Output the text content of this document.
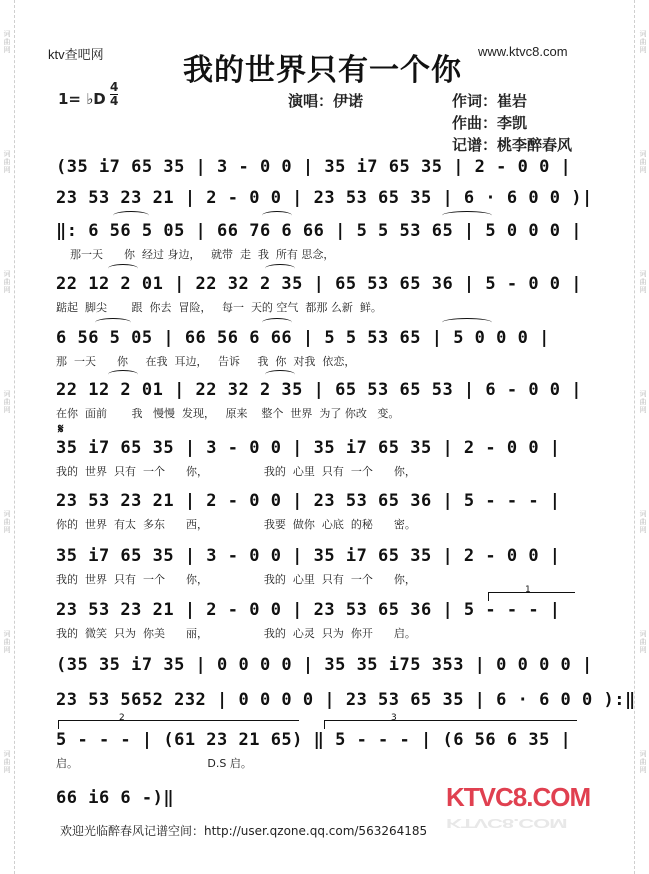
词曲网
词曲网
词曲网
词曲网
词曲网
词曲网
词曲网
词曲网
词曲网
词曲网
词曲网
词曲网
词曲网
词曲网
ktv查吧网	www.ktvc8.com
我的世界只有一个你
1= ♭D
4
4	演唱：伊诺	作词：崔岩
作曲：李凯
记谱：桃李醉春风
(35 i7 65 35 | 3 - 0 0 | 35 i7 65 35 | 2 - 0 0 |
23 53 23 21 | 2 - 0 0 | 23 53 65 35 | 6 · 6 0 0 )|
‖: 6 56 5 05 | 66 76 6 66 | 5 5 53 65 | 5 0 0 0 |
那一天      你  经过 身边，   就带  走  我  所有 思念，
22 12 2 01 | 22 32 2 35 | 65 53 65 36 | 5 - 0 0 |
踮起  脚尖       跟  你去  冒险，   每一  天的 空气  都那 么新  鲜。
6 56 5 05 | 66 56 6 66 | 5 5 53 65 | 5 0 0 0 |
那  一天      你     在我  耳边，   告诉     我  你  对我  依恋，
22 12 2 01 | 22 32 2 35 | 65 53 65 53 | 6 - 0 0 |
在你  面前       我   慢慢  发现，   原来    整个  世界  为了 你改   变。
𝄋
35 i7 65 35 | 3 - 0 0 | 35 i7 65 35 | 2 - 0 0 |
我的  世界  只有  一个      你，                我的  心里  只有  一个      你，
23 53 23 21 | 2 - 0 0 | 23 53 65 36 | 5 - - - |
你的  世界  有太  多东      西，                我要  做你  心底  的秘      密。
35 i7 65 35 | 3 - 0 0 | 35 i7 65 35 | 2 - 0 0 |
我的  世界  只有  一个      你，                我的  心里  只有  一个      你，
1
23 53 23 21 | 2 - 0 0 | 23 53 65 36 | 5 - - - |
我的  微笑  只为  你美      丽，                我的  心灵  只为  你开      启。
(35 35 i7 35 | 0 0 0 0 | 35 35 i75 353 | 0 0 0 0 |
23 53 5652 232 | 0 0 0 0 | 23 53 65 35 | 6 · 6 0 0 ):‖
2	3
5 - - - | (61 23 21 65) ‖ 5 - - - | (6 56 6 35 |
启。                                     D.S 启。
66 i6 6 -)‖	KTVC8.COM
KTVC8.COM
欢迎光临醉春风记谱空间：http://user.qzone.qq.com/563264185
